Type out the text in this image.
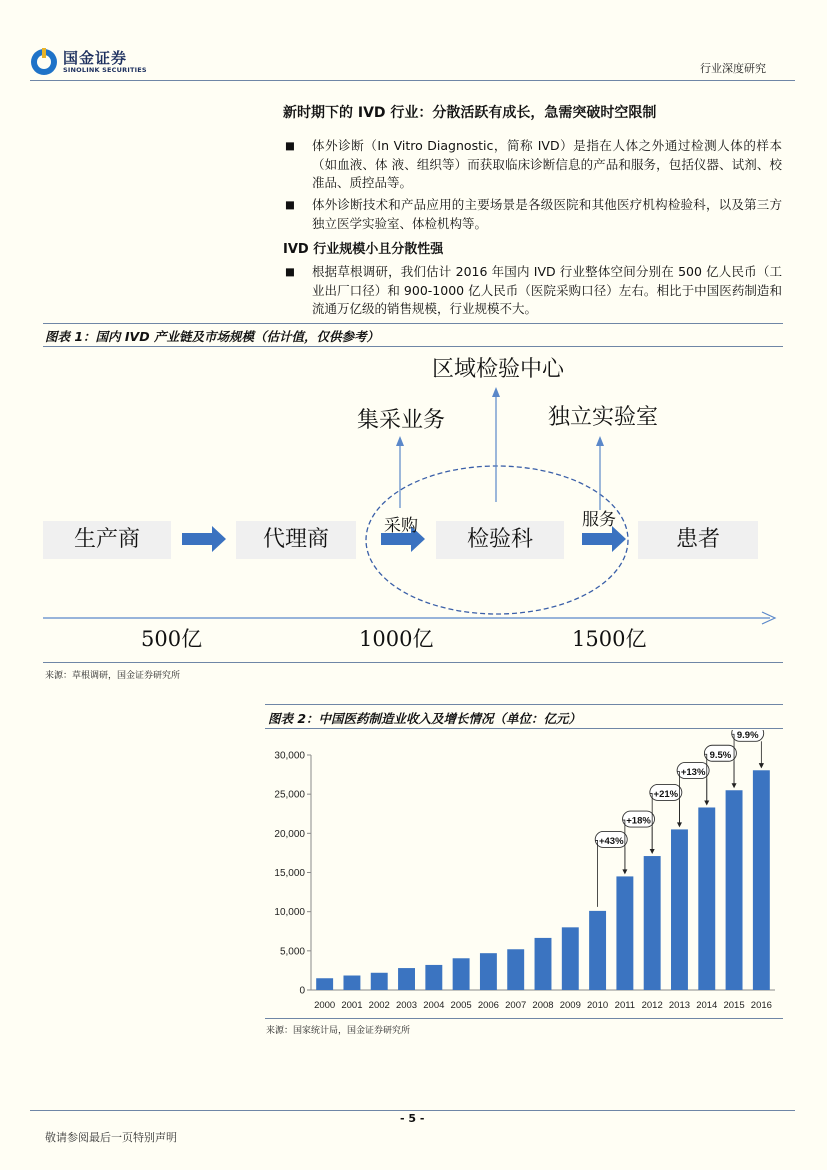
国金证券
SINOLINK SECURITIES	行业深度研究
新时期下的 IVD 行业：分散活跃有成长，急需突破时空限制
■ 体外诊断（In Vitro Diagnostic，简称 IVD）是指在人体之外通过检测人体的样本（如血液、体 液、组织等）而获取临床诊断信息的产品和服务，包括仪器、试剂、校准品、质控品等。
■ 体外诊断技术和产品应用的主要场景是各级医院和其他医疗机构检验科，以及第三方独立医学实验室、体检机构等。
IVD 行业规模小且分散性强
■ 根据草根调研，我们估计 2016 年国内 IVD 行业整体空间分别在 500 亿人民币（工业出厂口径）和 900-1000 亿人民币（医院采购口径）左右。相比于中国医药制造和流通万亿级的销售规模，行业规模不大。
图表 1：国内 IVD 产业链及市场规模（估计值，仅供参考）
生产商	代理商	检验科	患者
采购	服务
区域检验中心
集采业务	独立实验室
500亿	1000亿	1500亿
来源：草根调研，国金证券研究所
图表 2：中国医药制造业收入及增长情况（单位：亿元）
0
5,000
10,000
15,000
20,000
25,000
30,000
2000 2001 2002 2003 2004 2005 2006 2007 2008 2009 2010 2011 2012 2013 2014 2015 2016
+43%
+18%
+21%
+13%
9.5%
9.9%
来源：国家统计局，国金证券研究所
- 5 -
敬请参阅最后一页特别声明
